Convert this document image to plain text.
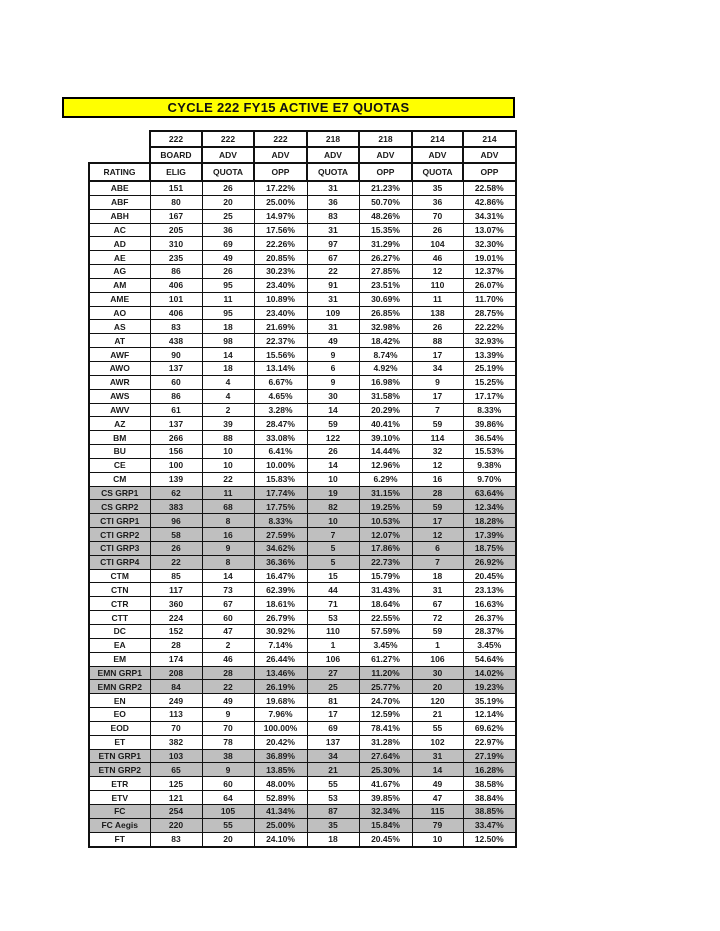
CYCLE 222 FY15 ACTIVE E7 QUOTAS
	222	222	222	218	218	214	214
	BOARD	ADV	ADV	ADV	ADV	ADV	ADV
RATING	ELIG	QUOTA	OPP	QUOTA	OPP	QUOTA	OPP
ABE	151	26	17.22%	31	21.23%	35	22.58%
ABF	80	20	25.00%	36	50.70%	36	42.86%
ABH	167	25	14.97%	83	48.26%	70	34.31%
AC	205	36	17.56%	31	15.35%	26	13.07%
AD	310	69	22.26%	97	31.29%	104	32.30%
AE	235	49	20.85%	67	26.27%	46	19.01%
AG	86	26	30.23%	22	27.85%	12	12.37%
AM	406	95	23.40%	91	23.51%	110	26.07%
AME	101	11	10.89%	31	30.69%	11	11.70%
AO	406	95	23.40%	109	26.85%	138	28.75%
AS	83	18	21.69%	31	32.98%	26	22.22%
AT	438	98	22.37%	49	18.42%	88	32.93%
AWF	90	14	15.56%	9	8.74%	17	13.39%
AWO	137	18	13.14%	6	4.92%	34	25.19%
AWR	60	4	6.67%	9	16.98%	9	15.25%
AWS	86	4	4.65%	30	31.58%	17	17.17%
AWV	61	2	3.28%	14	20.29%	7	8.33%
AZ	137	39	28.47%	59	40.41%	59	39.86%
BM	266	88	33.08%	122	39.10%	114	36.54%
BU	156	10	6.41%	26	14.44%	32	15.53%
CE	100	10	10.00%	14	12.96%	12	9.38%
CM	139	22	15.83%	10	6.29%	16	9.70%
CS GRP1	62	11	17.74%	19	31.15%	28	63.64%
CS GRP2	383	68	17.75%	82	19.25%	59	12.34%
CTI GRP1	96	8	8.33%	10	10.53%	17	18.28%
CTI GRP2	58	16	27.59%	7	12.07%	12	17.39%
CTI GRP3	26	9	34.62%	5	17.86%	6	18.75%
CTI GRP4	22	8	36.36%	5	22.73%	7	26.92%
CTM	85	14	16.47%	15	15.79%	18	20.45%
CTN	117	73	62.39%	44	31.43%	31	23.13%
CTR	360	67	18.61%	71	18.64%	67	16.63%
CTT	224	60	26.79%	53	22.55%	72	26.37%
DC	152	47	30.92%	110	57.59%	59	28.37%
EA	28	2	7.14%	1	3.45%	1	3.45%
EM	174	46	26.44%	106	61.27%	106	54.64%
EMN GRP1	208	28	13.46%	27	11.20%	30	14.02%
EMN GRP2	84	22	26.19%	25	25.77%	20	19.23%
EN	249	49	19.68%	81	24.70%	120	35.19%
EO	113	9	7.96%	17	12.59%	21	12.14%
EOD	70	70	100.00%	69	78.41%	55	69.62%
ET	382	78	20.42%	137	31.28%	102	22.97%
ETN GRP1	103	38	36.89%	34	27.64%	31	27.19%
ETN GRP2	65	9	13.85%	21	25.30%	14	16.28%
ETR	125	60	48.00%	55	41.67%	49	38.58%
ETV	121	64	52.89%	53	39.85%	47	38.84%
FC	254	105	41.34%	87	32.34%	115	38.85%
FC Aegis	220	55	25.00%	35	15.84%	79	33.47%
FT	83	20	24.10%	18	20.45%	10	12.50%
